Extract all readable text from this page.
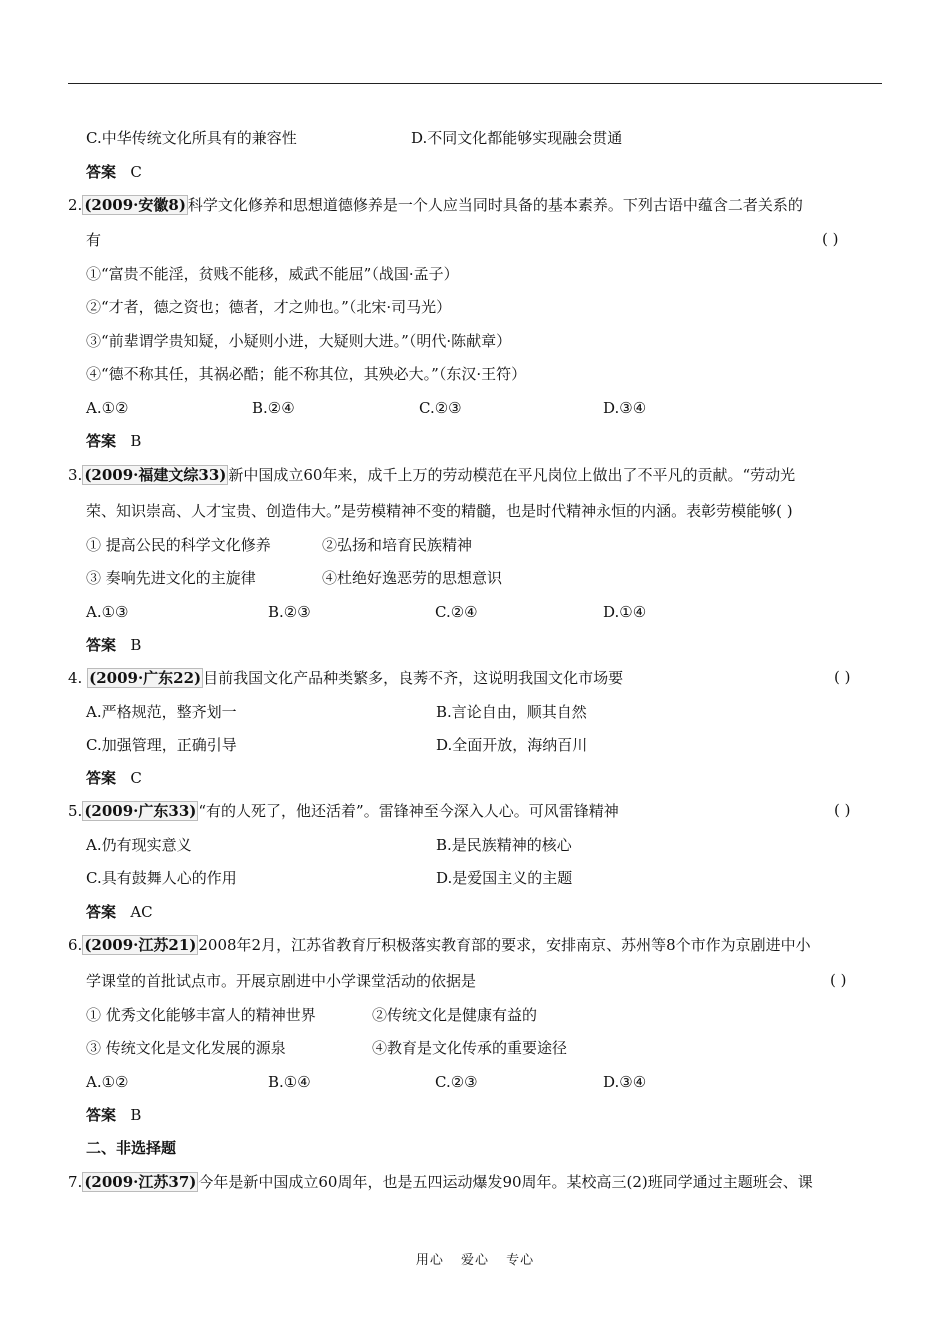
C.中华传统文化所具有的兼容性	D.不同文化都能够实现融会贯通
答案 C
2. (2009·安徽8) 科学文化修养和思想道德修养是一个人应当同时具备的基本素养。下列古语中蕴含二者关系的
有	( )
①“富贵不能淫，贫贱不能移，威武不能屈”（战国·孟子）
②“才者，德之资也；德者，才之帅也。”（北宋·司马光）
③“前辈谓学贵知疑，小疑则小进，大疑则大进。”（明代·陈献章）
④“德不称其任，其祸必酷；能不称其位，其殃必大。”（东汉·王符）
A.①②	B.②④	C.②③	D.③④
答案 B
3. (2009·福建文综33) 新中国成立60年来，成千上万的劳动模范在平凡岗位上做出了不平凡的贡献。“劳动光
荣、知识崇高、人才宝贵、创造伟大。”是劳模精神不变的精髓，也是时代精神永恒的内涵。表彰劳模能够( )
① 提高公民的科学文化修养	②弘扬和培育民族精神
③ 奏响先进文化的主旋律	④杜绝好逸恶劳的思想意识
A.①③	B.②③	C.②④	D.①④
答案 B
4. (2009·广东22) 目前我国文化产品种类繁多，良莠不齐，这说明我国文化市场要	( )
A.严格规范，整齐划一	B.言论自由，顺其自然
C.加强管理，正确引导	D.全面开放，海纳百川
答案 C
5. (2009·广东33) “有的人死了，他还活着”。雷锋神至今深入人心。可风雷锋精神	( )
A.仍有现实意义	B.是民族精神的核心
C.具有鼓舞人心的作用	D.是爱国主义的主题
答案 AC
6. (2009·江苏21) 2008年2月，江苏省教育厅积极落实教育部的要求，安排南京、苏州等8个市作为京剧进中小
学课堂的首批试点市。开展京剧进中小学课堂活动的依据是	( )
① 优秀文化能够丰富人的精神世界	②传统文化是健康有益的
③ 传统文化是文化发展的源泉	④教育是文化传承的重要途径
A.①②	B.①④	C.②③	D.③④
答案 B
二、非选择题
7. (2009·江苏37) 今年是新中国成立60周年，也是五四运动爆发90周年。某校高三(2)班同学通过主题班会、课
用心 爱心 专心
